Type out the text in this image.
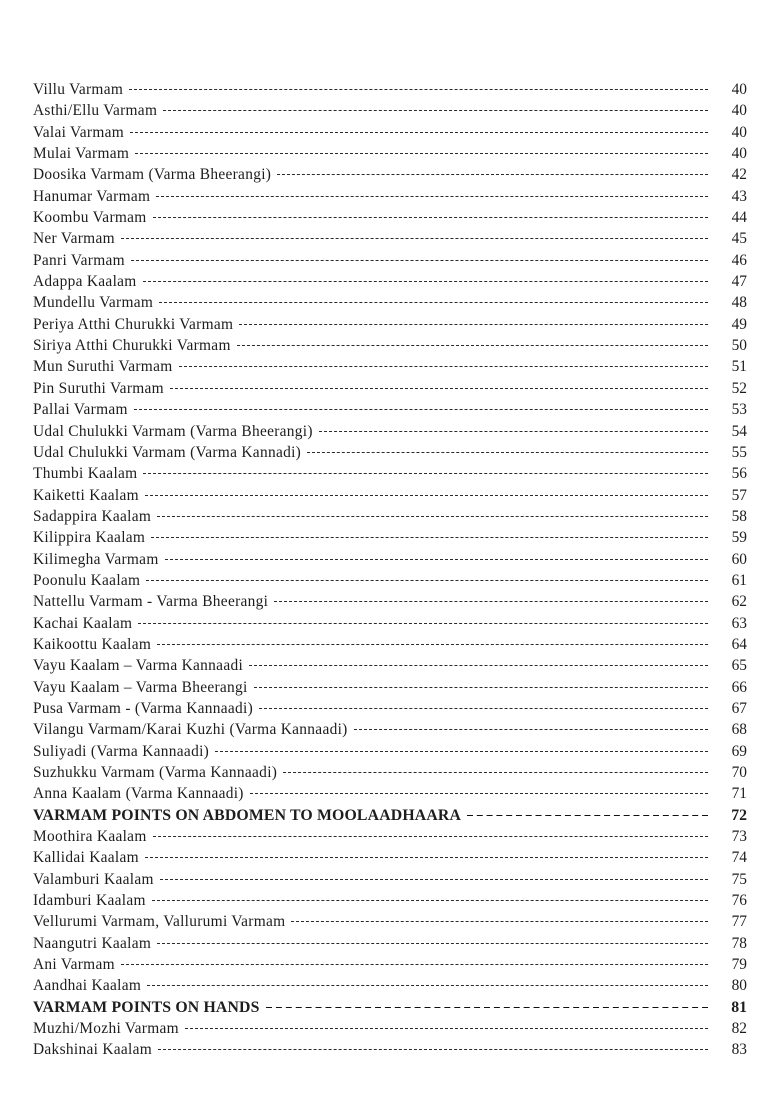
Villu Varmam	40
Asthi/Ellu Varmam	40
Valai Varmam	40
Mulai Varmam	40
Doosika Varmam (Varma Bheerangi)	42
Hanumar Varmam	43
Koombu Varmam	44
Ner Varmam	45
Panri Varmam	46
Adappa Kaalam	47
Mundellu Varmam	48
Periya Atthi Churukki Varmam	49
Siriya Atthi Churukki Varmam	50
Mun Suruthi Varmam	51
Pin Suruthi Varmam	52
Pallai Varmam	53
Udal Chulukki Varmam (Varma Bheerangi)	54
Udal Chulukki Varmam (Varma Kannadi)	55
Thumbi Kaalam	56
Kaiketti Kaalam	57
Sadappira Kaalam	58
Kilippira Kaalam	59
Kilimegha Varmam	60
Poonulu Kaalam	61
Nattellu Varmam - Varma Bheerangi	62
Kachai Kaalam	63
Kaikoottu Kaalam	64
Vayu Kaalam – Varma Kannaadi	65
Vayu Kaalam – Varma Bheerangi	66
Pusa Varmam - (Varma Kannaadi)	67
Vilangu Varmam/Karai Kuzhi (Varma Kannaadi)	68
Suliyadi (Varma Kannaadi)	69
Suzhukku Varmam (Varma Kannaadi)	70
Anna Kaalam (Varma Kannaadi)	71
VARMAM POINTS ON ABDOMEN TO MOOLAADHAARA	72
Moothira Kaalam	73
Kallidai Kaalam	74
Valamburi Kaalam	75
Idamburi Kaalam	76
Vellurumi Varmam, Vallurumi Varmam	77
Naangutri Kaalam	78
Ani Varmam	79
Aandhai Kaalam	80
VARMAM POINTS ON HANDS	81
Muzhi/Mozhi Varmam	82
Dakshinai Kaalam	83
